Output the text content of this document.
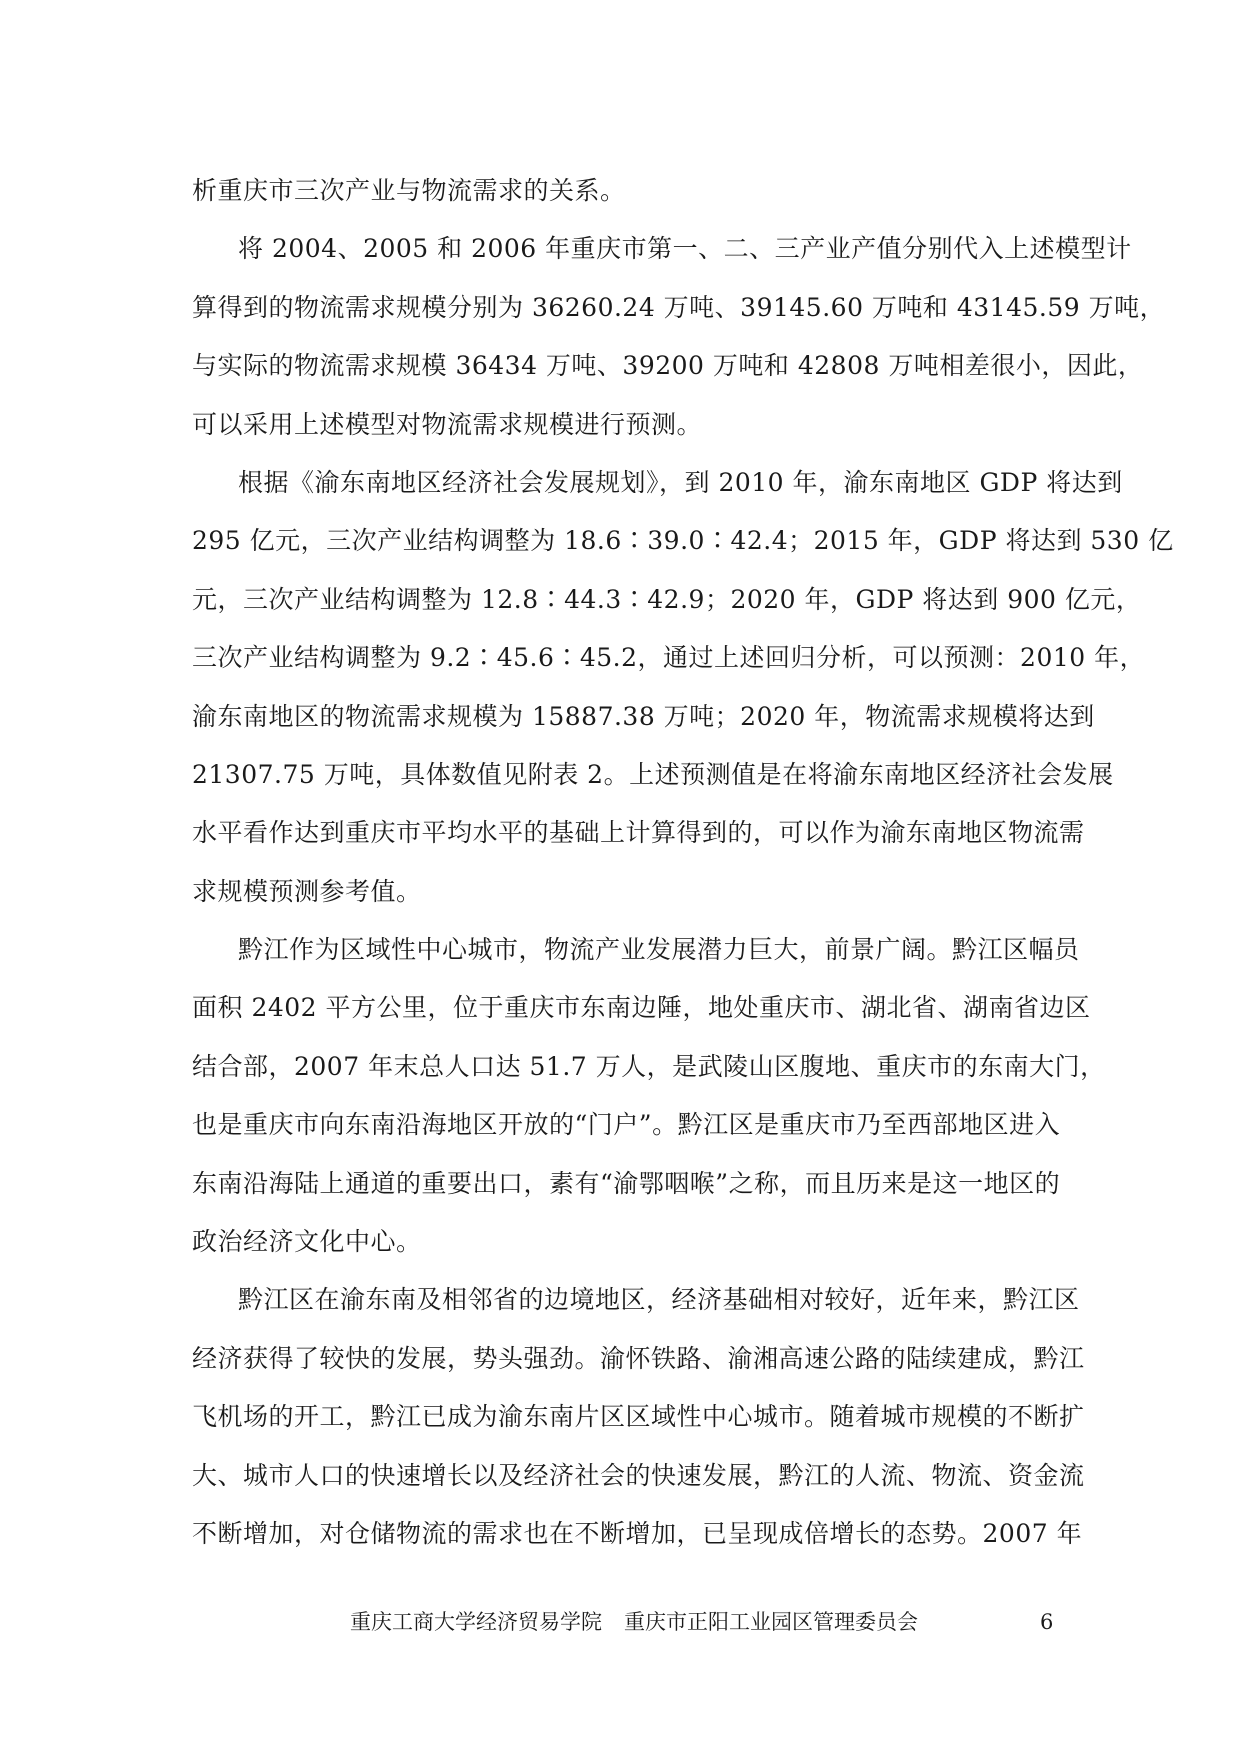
析重庆市三次产业与物流需求的关系。
将 2004、2005 和 2006 年重庆市第一、二、三产业产值分别代入上述模型计
算得到的物流需求规模分别为 36260.24 万吨、39145.60 万吨和 43145.59 万吨，
与实际的物流需求规模 36434 万吨、39200 万吨和 42808 万吨相差很小，因此，
可以采用上述模型对物流需求规模进行预测。
根据《渝东南地区经济社会发展规划》，到 2010 年，渝东南地区 GDP 将达到
295 亿元，三次产业结构调整为 18.6∶39.0∶42.4；2015 年，GDP 将达到 530 亿
元，三次产业结构调整为 12.8∶44.3∶42.9；2020 年，GDP 将达到 900 亿元，
三次产业结构调整为 9.2∶45.6∶45.2，通过上述回归分析，可以预测：2010 年，
渝东南地区的物流需求规模为 15887.38 万吨；2020 年，物流需求规模将达到
21307.75 万吨，具体数值见附表 2。上述预测值是在将渝东南地区经济社会发展
水平看作达到重庆市平均水平的基础上计算得到的，可以作为渝东南地区物流需
求规模预测参考值。
黔江作为区域性中心城市，物流产业发展潜力巨大，前景广阔。黔江区幅员
面积 2402 平方公里，位于重庆市东南边陲，地处重庆市、湖北省、湖南省边区
结合部，2007 年末总人口达 51.7 万人，是武陵山区腹地、重庆市的东南大门，
也是重庆市向东南沿海地区开放的“门户”。黔江区是重庆市乃至西部地区进入
东南沿海陆上通道的重要出口，素有“渝鄂咽喉”之称，而且历来是这一地区的
政治经济文化中心。
黔江区在渝东南及相邻省的边境地区，经济基础相对较好，近年来，黔江区
经济获得了较快的发展，势头强劲。渝怀铁路、渝湘高速公路的陆续建成，黔江
飞机场的开工，黔江已成为渝东南片区区域性中心城市。随着城市规模的不断扩
大、城市人口的快速增长以及经济社会的快速发展，黔江的人流、物流、资金流
不断增加，对仓储物流的需求也在不断增加，已呈现成倍增长的态势。2007 年
重庆工商大学经济贸易学院 重庆市正阳工业园区管理委员会	6
